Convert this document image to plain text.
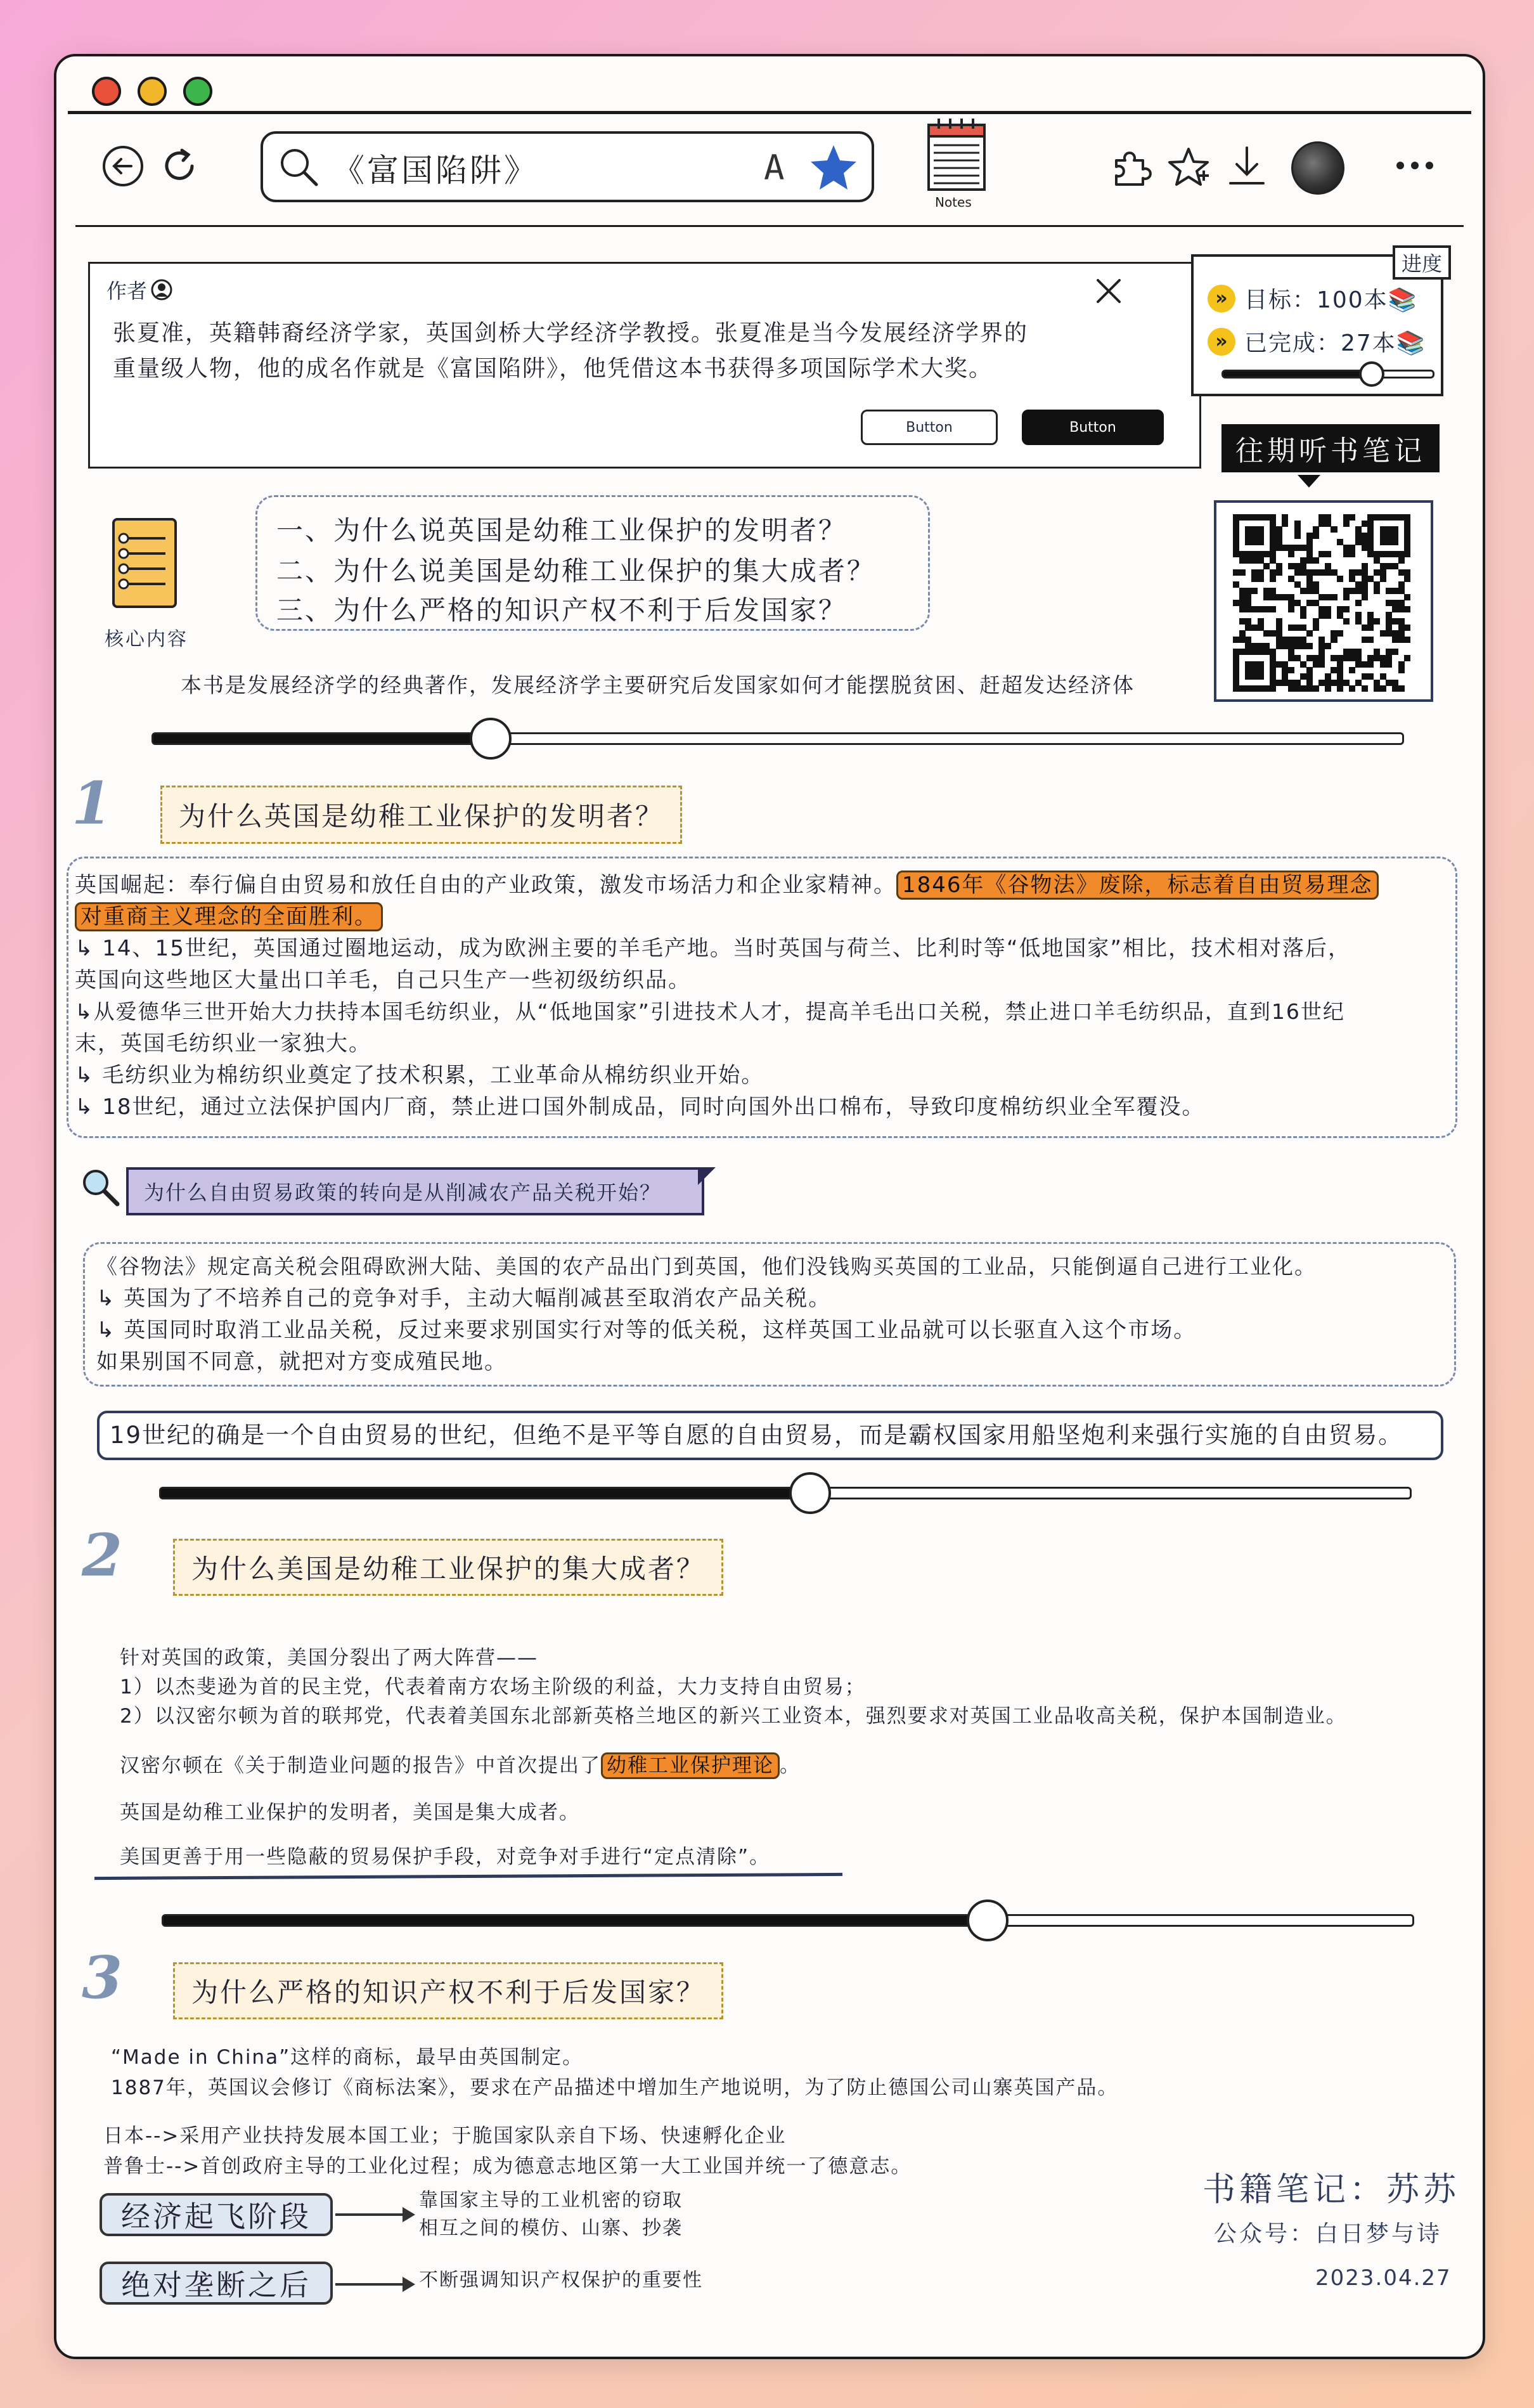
《富国陷阱》	A
Notes
作者
张夏准，英籍韩裔经济学家，英国剑桥大学经济学教授。张夏准是当今发展经济学界的
重量级人物，他的成名作就是《富国陷阱》，他凭借这本书获得多项国际学术大奖。
Button	Button
进度
» 目标：100本📚
» 已完成：27本📚
往期听书笔记
核心内容
一、为什么说英国是幼稚工业保护的发明者？
二、为什么说美国是幼稚工业保护的集大成者？
三、为什么严格的知识产权不利于后发国家？
本书是发展经济学的经典著作，发展经济学主要研究后发国家如何才能摆脱贫困、赶超发达经济体
1 为什么英国是幼稚工业保护的发明者？
英国崛起：奉行偏自由贸易和放任自由的产业政策，激发市场活力和企业家精神。 1846年《谷物法》废除，标志着自由贸易理念
对重商主义理念的全面胜利。
↳ 14、15世纪，英国通过圈地运动，成为欧洲主要的羊毛产地。当时英国与荷兰、比利时等“低地国家”相比，技术相对落后，
英国向这些地区大量出口羊毛，自己只生产一些初级纺织品。
↳从爱德华三世开始大力扶持本国毛纺织业，从“低地国家”引进技术人才，提高羊毛出口关税，禁止进口羊毛纺织品，直到16世纪
末，英国毛纺织业一家独大。
↳ 毛纺织业为棉纺织业奠定了技术积累，工业革命从棉纺织业开始。
↳ 18世纪，通过立法保护国内厂商，禁止进口国外制成品，同时向国外出口棉布，导致印度棉纺织业全军覆没。
为什么自由贸易政策的转向是从削减农产品关税开始？
《谷物法》规定高关税会阻碍欧洲大陆、美国的农产品出门到英国，他们没钱购买英国的工业品，只能倒逼自己进行工业化。
↳ 英国为了不培养自己的竞争对手，主动大幅削减甚至取消农产品关税。
↳ 英国同时取消工业品关税，反过来要求别国实行对等的低关税，这样英国工业品就可以长驱直入这个市场。
如果别国不同意，就把对方变成殖民地。
19世纪的确是一个自由贸易的世纪，但绝不是平等自愿的自由贸易，而是霸权国家用船坚炮利来强行实施的自由贸易。
2	为什么美国是幼稚工业保护的集大成者？
针对英国的政策，美国分裂出了两大阵营——
1）以杰斐逊为首的民主党，代表着南方农场主阶级的利益，大力支持自由贸易；
2）以汉密尔顿为首的联邦党，代表着美国东北部新英格兰地区的新兴工业资本，强烈要求对英国工业品收高关税，保护本国制造业。
汉密尔顿在《关于制造业问题的报告》中首次提出了 幼稚工业保护理论 。
英国是幼稚工业保护的发明者，美国是集大成者。
美国更善于用一些隐蔽的贸易保护手段，对竞争对手进行“定点清除”。
3	为什么严格的知识产权不利于后发国家？
“Made in China”这样的商标，最早由英国制定。
1887年，英国议会修订《商标法案》，要求在产品描述中增加生产地说明，为了防止德国公司山寨英国产品。
日本-->采用产业扶持发展本国工业；于脆国家队亲自下场、快速孵化企业
普鲁士-->首创政府主导的工业化过程；成为德意志地区第一大工业国并统一了德意志。
经济起飞阶段	靠国家主导的工业机密的窃取
相互之间的模仿、山寨、抄袭
绝对垄断之后	不断强调知识产权保护的重要性
书籍笔记：苏苏
公众号：白日梦与诗
2023.04.27
